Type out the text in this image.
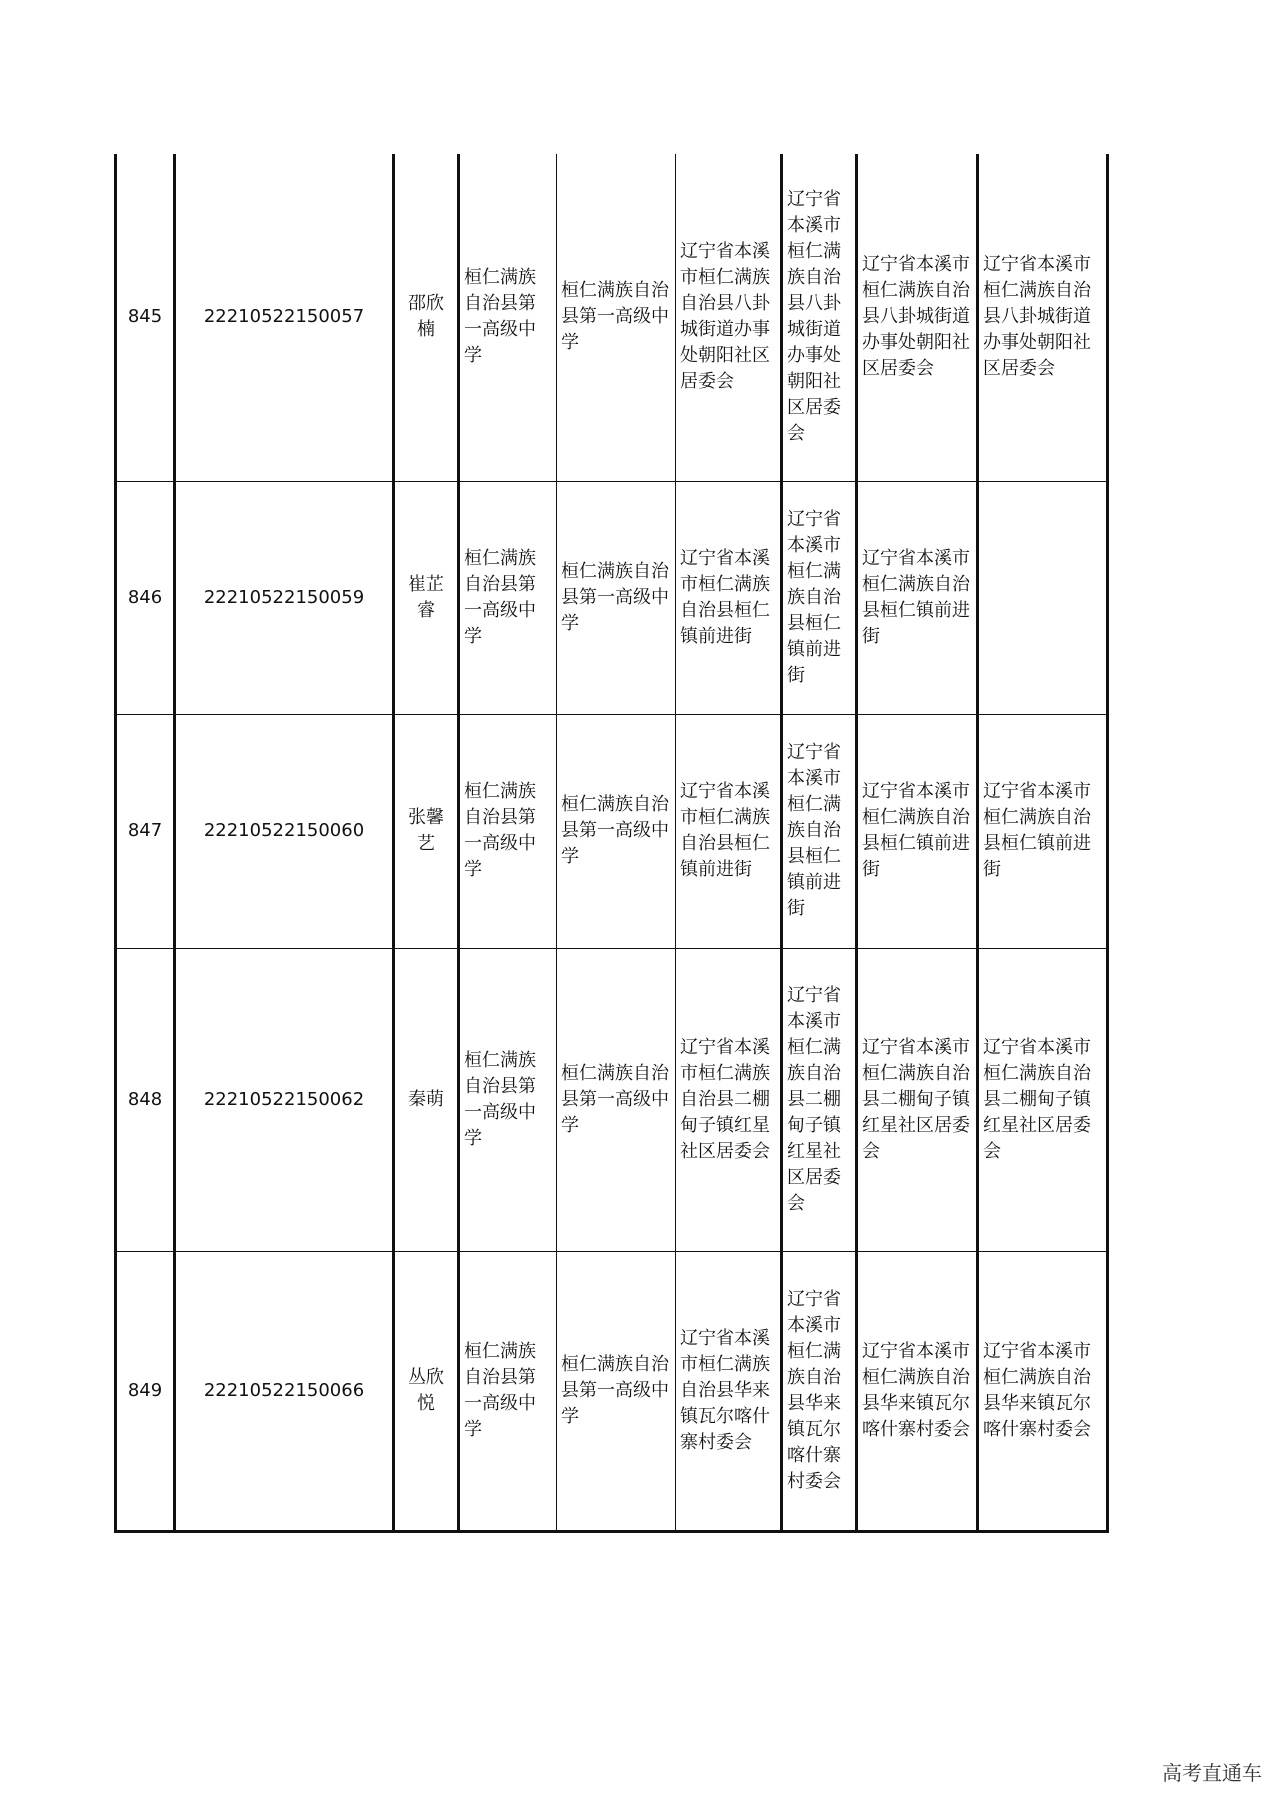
845	22210522150057	邵欣楠	桓仁满族自治县第一高级中学	桓仁满族自治县第一高级中学	辽宁省本溪市桓仁满族自治县八卦城街道办事处朝阳社区居委会	辽宁省本溪市桓仁满族自治县八卦城街道办事处朝阳社区居委会	辽宁省本溪市桓仁满族自治县八卦城街道办事处朝阳社区居委会	辽宁省本溪市桓仁满族自治县八卦城街道办事处朝阳社区居委会
846	22210522150059	崔芷睿	桓仁满族自治县第一高级中学	桓仁满族自治县第一高级中学	辽宁省本溪市桓仁满族自治县桓仁镇前进街	辽宁省本溪市桓仁满族自治县桓仁镇前进街	辽宁省本溪市桓仁满族自治县桓仁镇前进街	
847	22210522150060	张馨艺	桓仁满族自治县第一高级中学	桓仁满族自治县第一高级中学	辽宁省本溪市桓仁满族自治县桓仁镇前进街	辽宁省本溪市桓仁满族自治县桓仁镇前进街	辽宁省本溪市桓仁满族自治县桓仁镇前进街	辽宁省本溪市桓仁满族自治县桓仁镇前进街
848	22210522150062	秦萌	桓仁满族自治县第一高级中学	桓仁满族自治县第一高级中学	辽宁省本溪市桓仁满族自治县二棚甸子镇红星社区居委会	辽宁省本溪市桓仁满族自治县二棚甸子镇红星社区居委会	辽宁省本溪市桓仁满族自治县二棚甸子镇红星社区居委会	辽宁省本溪市桓仁满族自治县二棚甸子镇红星社区居委会
849	22210522150066	丛欣悦	桓仁满族自治县第一高级中学	桓仁满族自治县第一高级中学	辽宁省本溪市桓仁满族自治县华来镇瓦尔喀什寨村委会	辽宁省本溪市桓仁满族自治县华来镇瓦尔喀什寨村委会	辽宁省本溪市桓仁满族自治县华来镇瓦尔喀什寨村委会	辽宁省本溪市桓仁满族自治县华来镇瓦尔喀什寨村委会
高考直通车
